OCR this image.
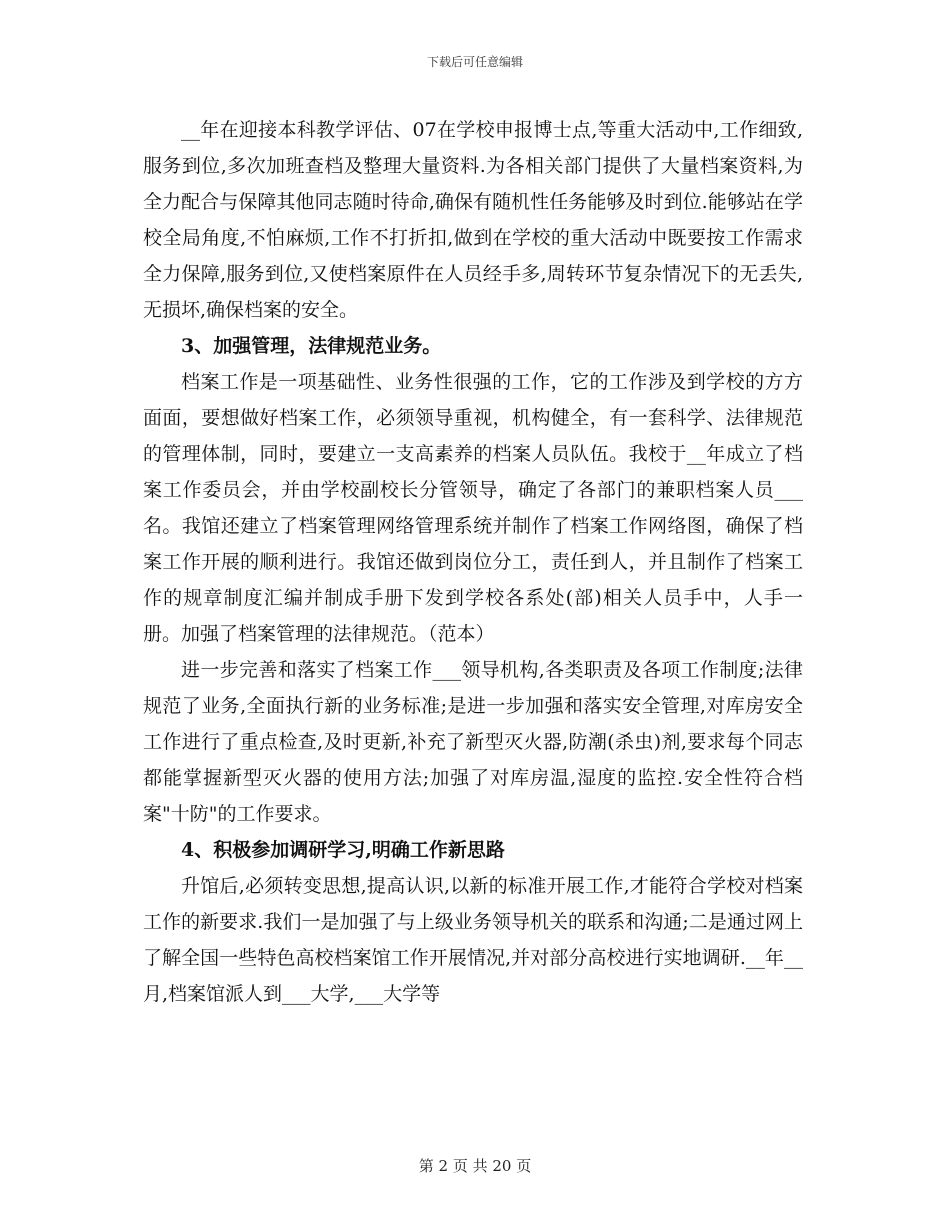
下载后可任意编辑

__年在迎接本科教学评估、07在学校申报博士点,等重大活动中,工作细致,服务到位,多次加班查档及整理大量资料.为各相关部门提供了大量档案资料,为全力配合与保障其他同志随时待命,确保有随机性任务能够及时到位.能够站在学校全局角度,不怕麻烦,工作不打折扣,做到在学校的重大活动中既要按工作需求全力保障,服务到位,又使档案原件在人员经手多,周转环节复杂情况下的无丢失,无损坏,确保档案的安全。

3、加强管理，法律规范业务。

档案工作是一项基础性、业务性很强的工作，它的工作涉及到学校的方方面面，要想做好档案工作，必须领导重视，机构健全，有一套科学、法律规范的管理体制，同时，要建立一支高素养的档案人员队伍。我校于__年成立了档案工作委员会，并由学校副校长分管领导，确定了各部门的兼职档案人员___名。我馆还建立了档案管理网络管理系统并制作了档案工作网络图，确保了档案工作开展的顺利进行。我馆还做到岗位分工，责任到人，并且制作了档案工作的规章制度汇编并制成手册下发到学校各系处(部)相关人员手中，人手一册。加强了档案管理的法律规范。（范本）

进一步完善和落实了档案工作___领导机构,各类职责及各项工作制度;法律规范了业务,全面执行新的业务标准;是进一步加强和落实安全管理,对库房安全工作进行了重点检查,及时更新,补充了新型灭火器,防潮(杀虫)剂,要求每个同志都能掌握新型灭火器的使用方法;加强了对库房温,湿度的监控.安全性符合档案"十防"的工作要求。

4、积极参加调研学习,明确工作新思路

升馆后,必须转变思想,提高认识,以新的标准开展工作,才能符合学校对档案工作的新要求.我们一是加强了与上级业务领导机关的联系和沟通;二是通过网上了解全国一些特色高校档案馆工作开展情况,并对部分高校进行实地调研.__年__月,档案馆派人到___大学,___大学等

第 2 页 共 20 页
